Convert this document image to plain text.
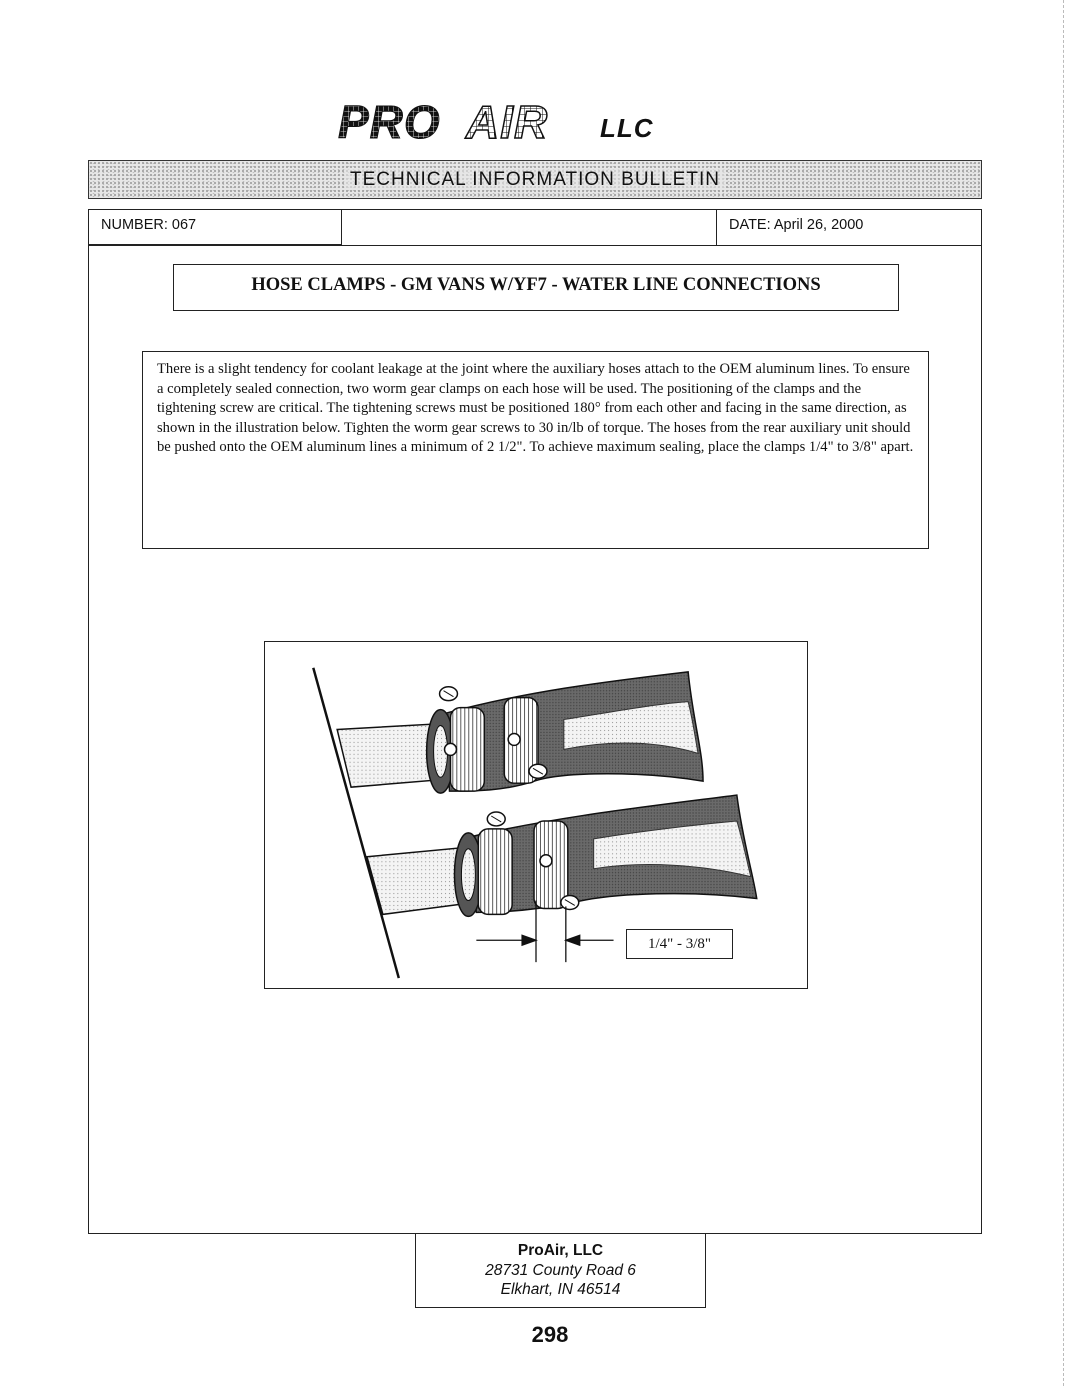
PRO AIR LLC
TECHNICAL INFORMATION BULLETIN
NUMBER: 067	DATE: April 26, 2000
HOSE CLAMPS - GM VANS W/YF7 - WATER LINE CONNECTIONS
There is a slight tendency for coolant leakage at the joint where the auxiliary hoses attach to the OEM aluminum lines. To ensure a completely sealed connection, two worm gear clamps on each hose will be used. The positioning of the clamps and the tightening screw are critical. The tightening screws must be positioned 180° from each other and facing in the same direction, as shown in the illustration below. Tighten the worm gear screws to 30 in/lb of torque. The hoses from the rear auxiliary unit should be pushed onto the OEM aluminum lines a minimum of 2 1/2". To achieve maximum sealing, place the clamps 1/4" to 3/8" apart.
1/4" - 3/8"
ProAir, LLC
28731 County Road 6
Elkhart, IN 46514
298
